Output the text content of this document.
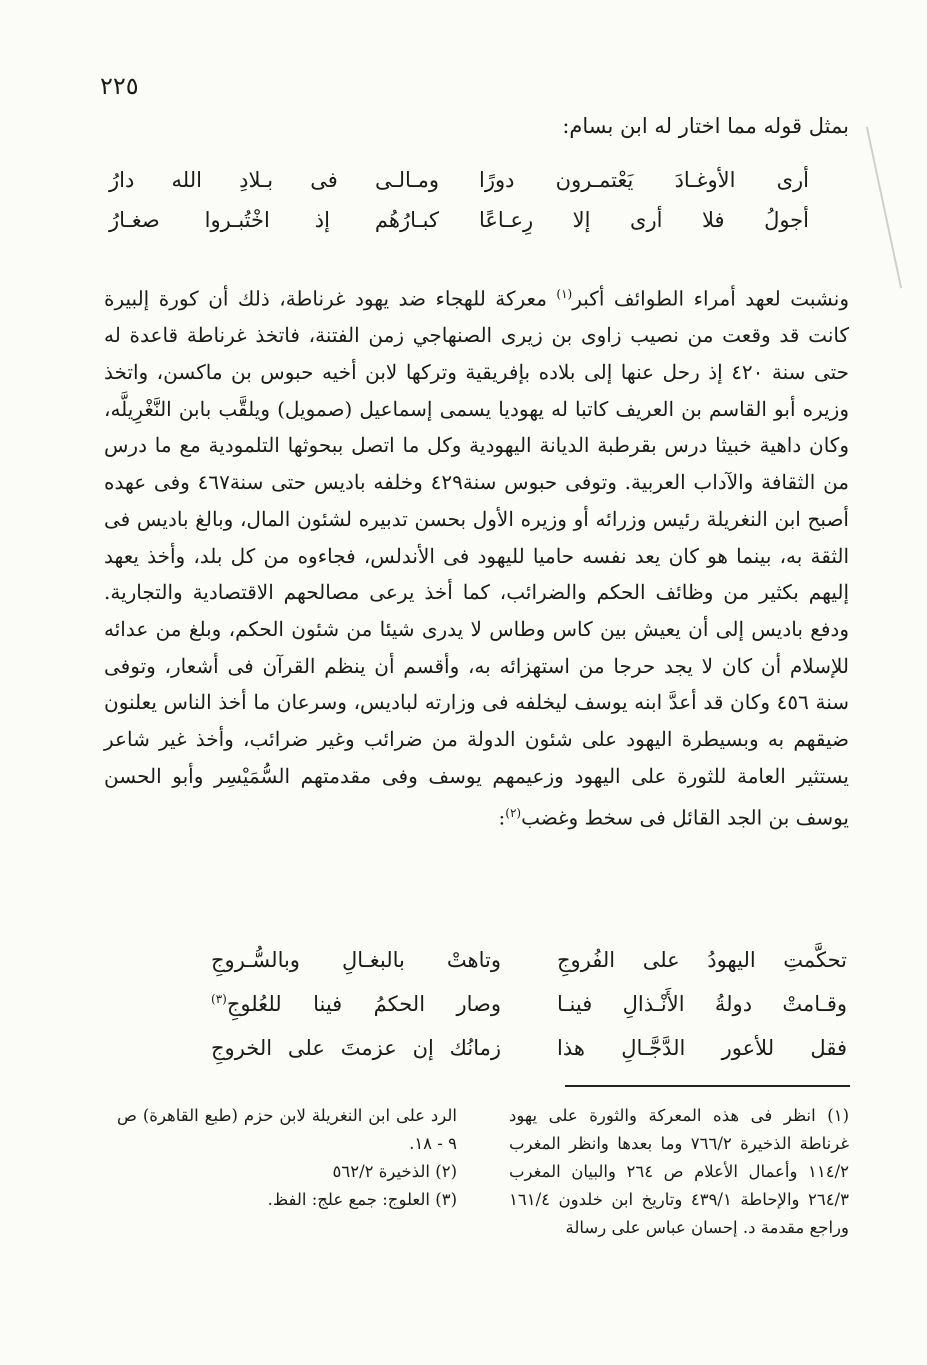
٢٢٥
بمثل قوله مما اختار له ابن بسام:
أرى الأوغـادَ يَعْتمـرون دورًا
ومـالـى فى بـلادِ الله دارُ
أجولُ فلا أرى إلا رِعـاعًا
كبـارُهُم إذ اخْتُبـروا صغـارُ

ونشبت لعهد أمراء الطوائف أكبر$^{(١)}$ معركة للهجاء ضد يهود غرناطة، ذلك أن كورة إلبيرة كانت قد وقعت من نصيب زاوى بن زيرى الصنهاجي زمن الفتنة، فاتخذ غرناطة قاعدة له حتى سنة ٤٢٠ إذ رحل عنها إلى بلاده بإفريقية وتركها لابن أخيه حبوس بن ماكسن، واتخذ وزيره أبو القاسم بن العريف كاتبا له يهوديا يسمى إسماعيل (صمويل) ويلقَّب بابن النَّغْرِيلَّه، وكان داهية خبيثا درس بقرطبة الديانة اليهودية وكل ما اتصل ببحوثها التلمودية مع ما درس من الثقافة والآداب العربية. وتوفى حبوس سنة٤٢٩ وخلفه باديس حتى سنة٤٦٧ وفى عهده أصبح ابن النغريلة رئيس وزرائه أو وزيره الأول بحسن تدبيره لشئون المال، وبالغ باديس فى الثقة به، بينما هو كان يعد نفسه حاميا لليهود فى الأندلس، فجاءوه من كل بلد، وأخذ يعهد إليهم بكثير من وظائف الحكم والضرائب، كما أخذ يرعى مصالحهم الاقتصادية والتجارية. ودفع باديس إلى أن يعيش بين كاس وطاس لا يدرى شيئا من شئون الحكم، وبلغ من عدائه للإسلام أن كان لا يجد حرجا من استهزائه به، وأقسم أن ينظم القرآن فى أشعار، وتوفى سنة ٤٥٦ وكان قد أعدَّ ابنه يوسف ليخلفه فى وزارته لباديس، وسرعان ما أخذ الناس يعلنون ضيقهم به وبسيطرة اليهود على شئون الدولة من ضرائب وغير ضرائب، وأخذ غير شاعر يستثير العامة للثورة على اليهود وزعيمهم يوسف وفى مقدمتهم السُّمَيْسِر وأبو الحسن يوسف بن الجد القائل فى سخط وغضب$^{(٢)}$:

تحكَّمتِ اليهودُ على الفُروجِ
وتاهتْ بالبغـالِ وبالسُّـروجِ
وقـامتْ دولةُ الأَنْـذالِ فينـا
وصار الحكمُ فينا للعُلوجِ$^{(٣)}$
فقل للأعور الدَّجَّـالِ هذا
زمانُك إن عزمتَ على الخروجِ

(١) انظر فى هذه المعركة والثورة على يهود غرناطة الذخيرة ٧٦٦/٢ وما بعدها وانظر المغرب ١١٤/٢ وأعمال الأعلام ص ٢٦٤ والبيان المغرب ٢٦٤/٣ والإحاطة ٤٣٩/١ وتاريخ ابن خلدون ١٦١/٤ وراجع مقدمة د. إحسان عباس على رسالة

الرد على ابن النغريلة لابن حزم (طبع القاهرة) ص ٩ - ١٨.

(٢) الذخيرة ٥٦٢/٢

(٣) العلوج: جمع علج: الفظ.
